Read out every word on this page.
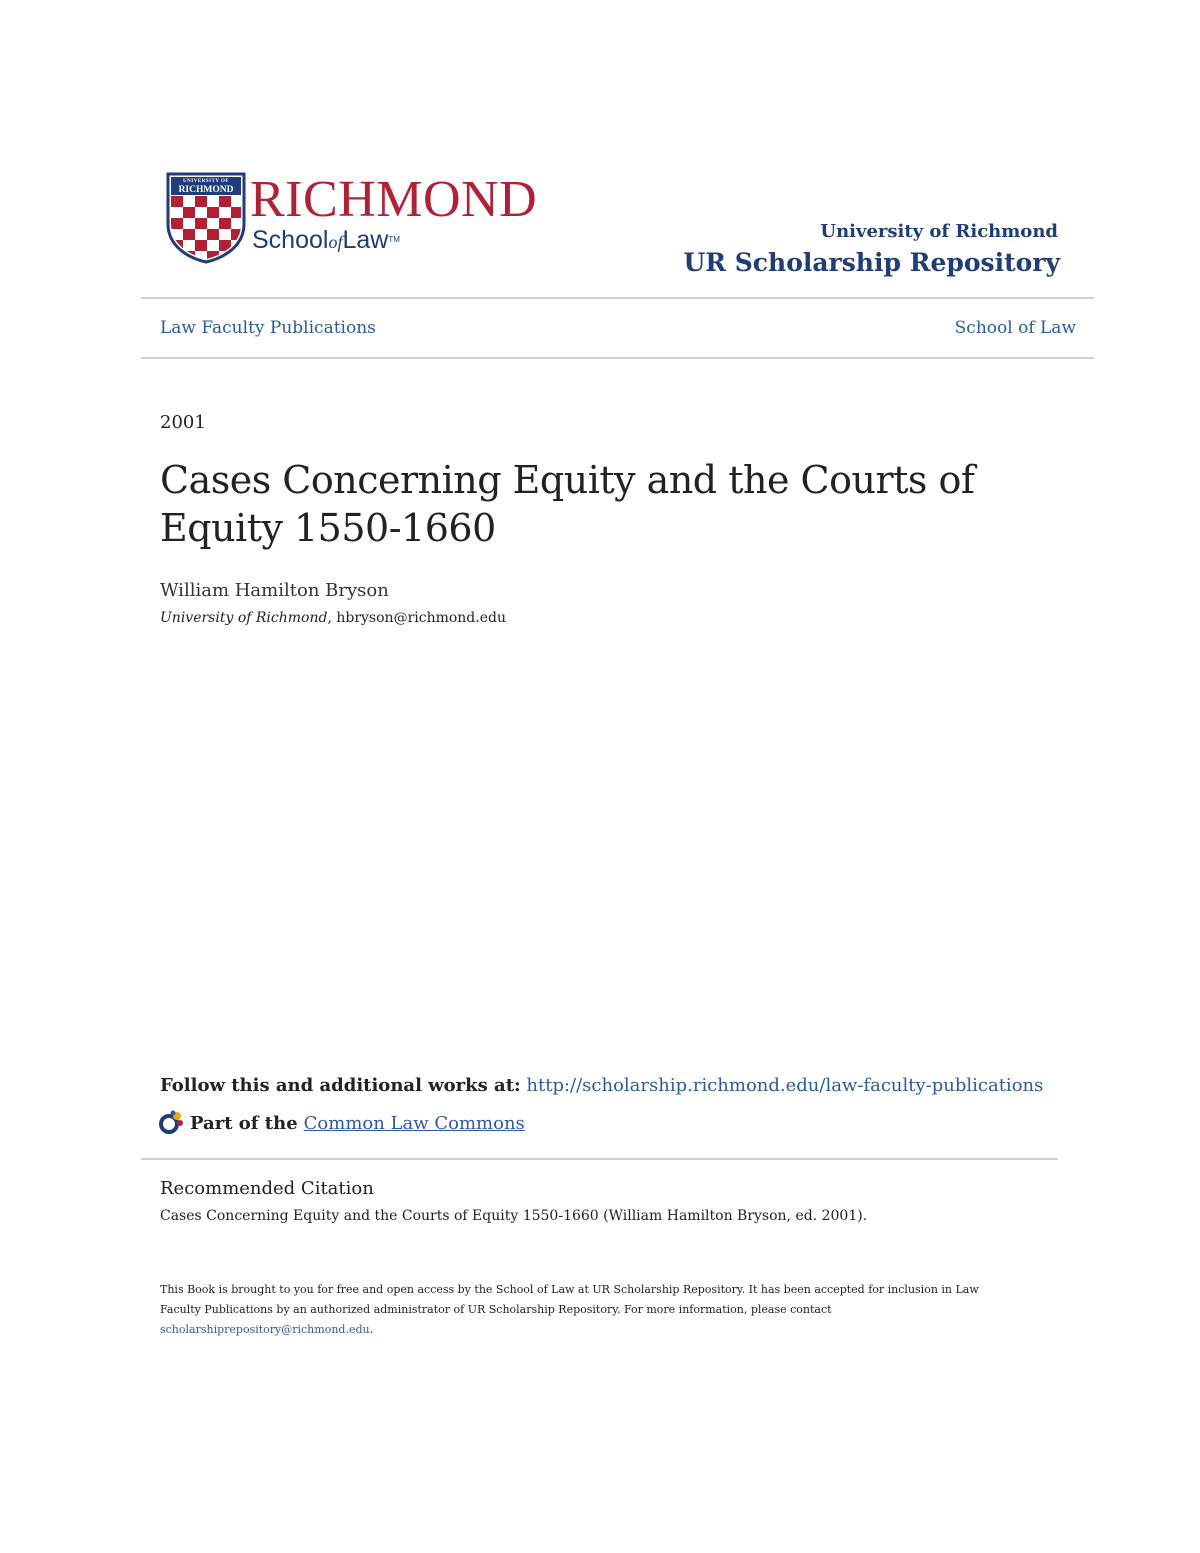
UNIVERSITY OF
RICHMOND RICHMOND
SchoolofLaw™	University of Richmond
UR Scholarship Repository
Law Faculty Publications	School of Law
2001
Cases Concerning Equity and the Courts of Equity 1550-1660
William Hamilton Bryson
University of Richmond, hbryson@richmond.edu
Follow this and additional works at: http://scholarship.richmond.edu/law-faculty-publications
Part of the Common Law Commons
Recommended Citation
Cases Concerning Equity and the Courts of Equity 1550-1660 (William Hamilton Bryson, ed. 2001).
This Book is brought to you for free and open access by the School of Law at UR Scholarship Repository. It has been accepted for inclusion in Law Faculty Publications by an authorized administrator of UR Scholarship Repository. For more information, please contact
scholarshiprepository@richmond.edu.
